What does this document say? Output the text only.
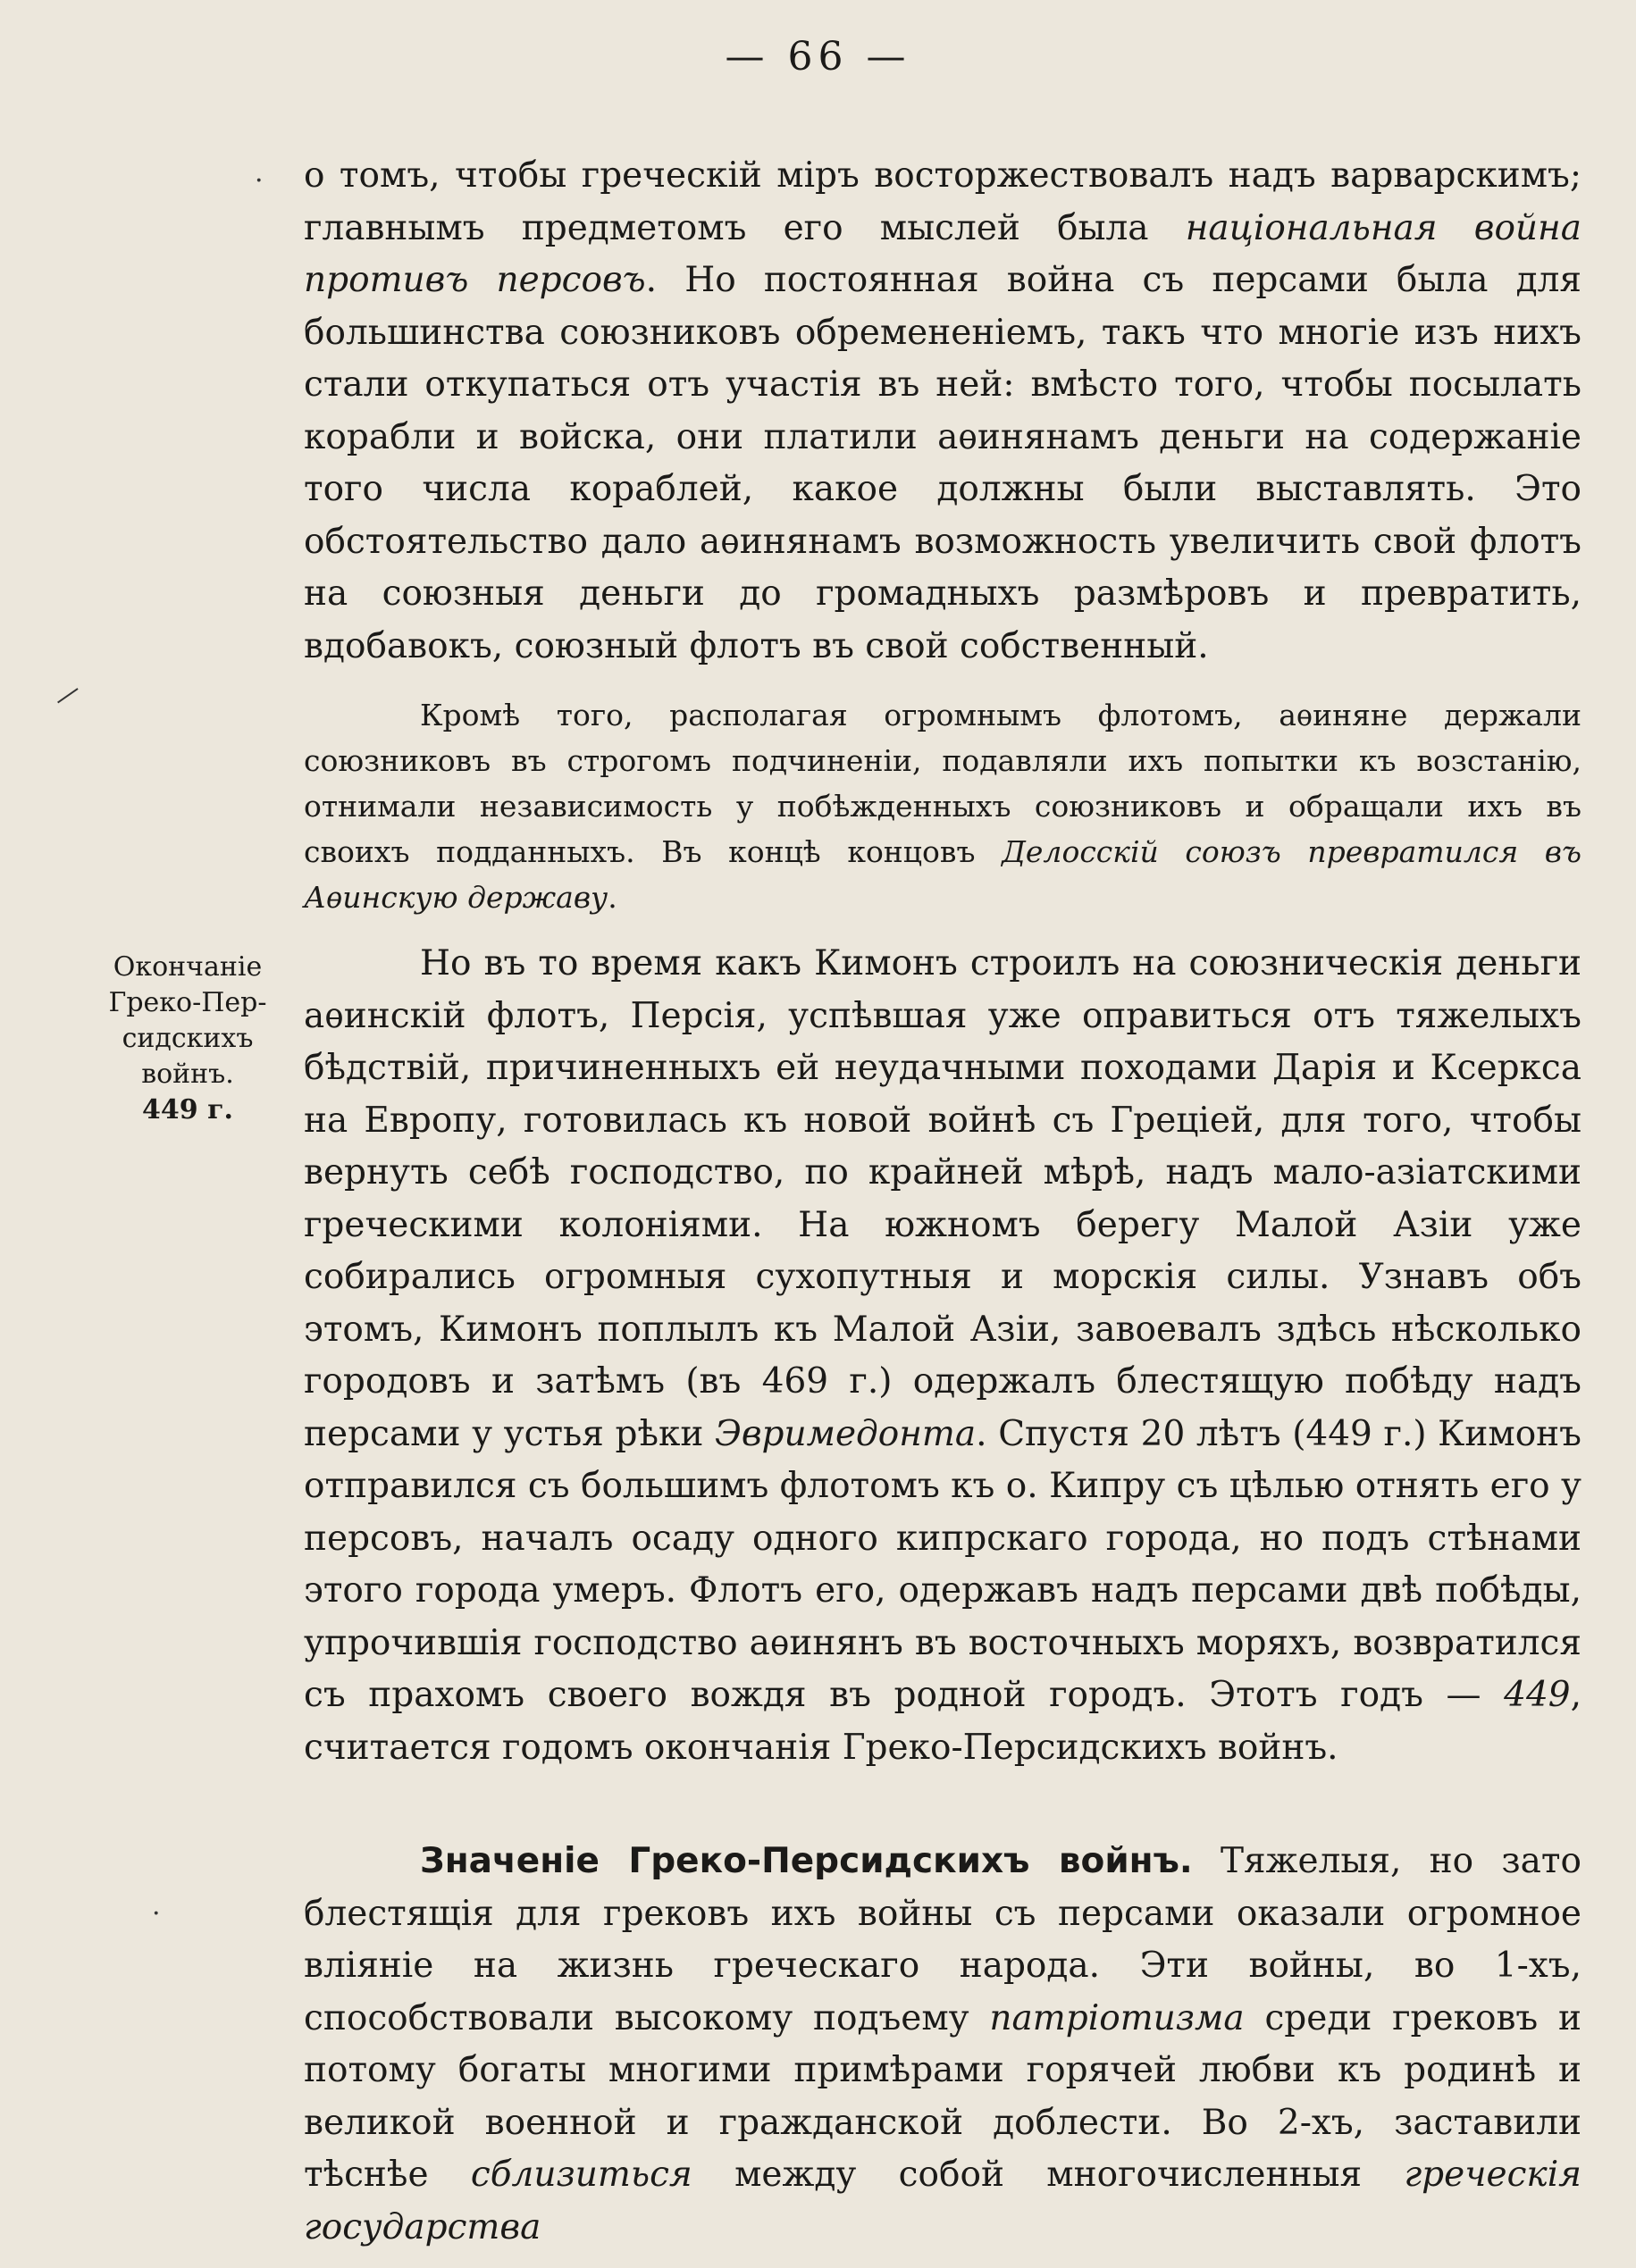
— 66 —
·
—
·

о томъ, чтобы греческій міръ восторжествовалъ надъ варварскимъ; главнымъ предметомъ его мыслей была національная война противъ персовъ. Но постоянная война съ персами была для большинства союзниковъ обремененіемъ, такъ что многіе изъ нихъ стали откупаться отъ участія въ ней: вмѣсто того, чтобы посылать корабли и войска, они платили аѳинянамъ деньги на содержаніе того числа кораблей, какое должны были выставлять. Это обстоятельство дало аѳинянамъ возможность увеличить свой флотъ на союзныя деньги до громадныхъ размѣровъ и превратить, вдобавокъ, союзный флотъ въ свой собственный.

Кромѣ того, располагая огромнымъ флотомъ, аѳиняне держали союзниковъ въ строгомъ подчиненіи, подавляли ихъ попытки къ возстанію, отнимали независимость у побѣжденныхъ союзниковъ и обращали ихъ въ своихъ подданныхъ. Въ концѣ концовъ Делосскій союзъ превратился въ Аѳинскую державу.

Окончаніе
Греко-Пер-
сидскихъ
войнъ.
449 г.

Но въ то время какъ Кимонъ строилъ на союзническія деньги аѳинскій флотъ, Персія, успѣвшая уже оправиться отъ тяжелыхъ бѣдствій, причиненныхъ ей неудачными походами Дарія и Ксеркса на Европу, готовилась къ новой войнѣ съ Греціей, для того, чтобы вернуть себѣ господство, по крайней мѣрѣ, надъ мало-азіатскими греческими колоніями. На южномъ берегу Малой Азіи уже собирались огромныя сухопутныя и морскія силы. Узнавъ объ этомъ, Кимонъ поплылъ къ Малой Азіи, завоевалъ здѣсь нѣсколько городовъ и затѣмъ (въ 469 г.) одержалъ блестящую побѣду надъ персами у устья рѣки Эвримедонта. Спустя 20 лѣтъ (449 г.) Кимонъ отправился съ большимъ флотомъ къ о. Кипру съ цѣлью отнять его у персовъ, началъ осаду одного кипрскаго города, но подъ стѣнами этого города умеръ. Флотъ его, одержавъ надъ персами двѣ побѣды, упрочившія господство аѳинянъ въ восточныхъ моряхъ, возвратился съ прахомъ своего вождя въ родной городъ. Этотъ годъ — 449, считается годомъ окончанія Греко-Персидскихъ войнъ.

Значеніе Греко-Персидскихъ войнъ. Тяжелыя, но зато блестящія для грековъ ихъ войны съ персами оказали огромное вліяніе на жизнь греческаго народа. Эти войны, во 1-хъ, способствовали высокому подъему патріотизма среди грековъ и потому богаты многими примѣрами горячей любви къ родинѣ и великой военной и гражданской доблести. Во 2-хъ, заставили тѣснѣе сблизиться между собой многочисленныя греческія государства
